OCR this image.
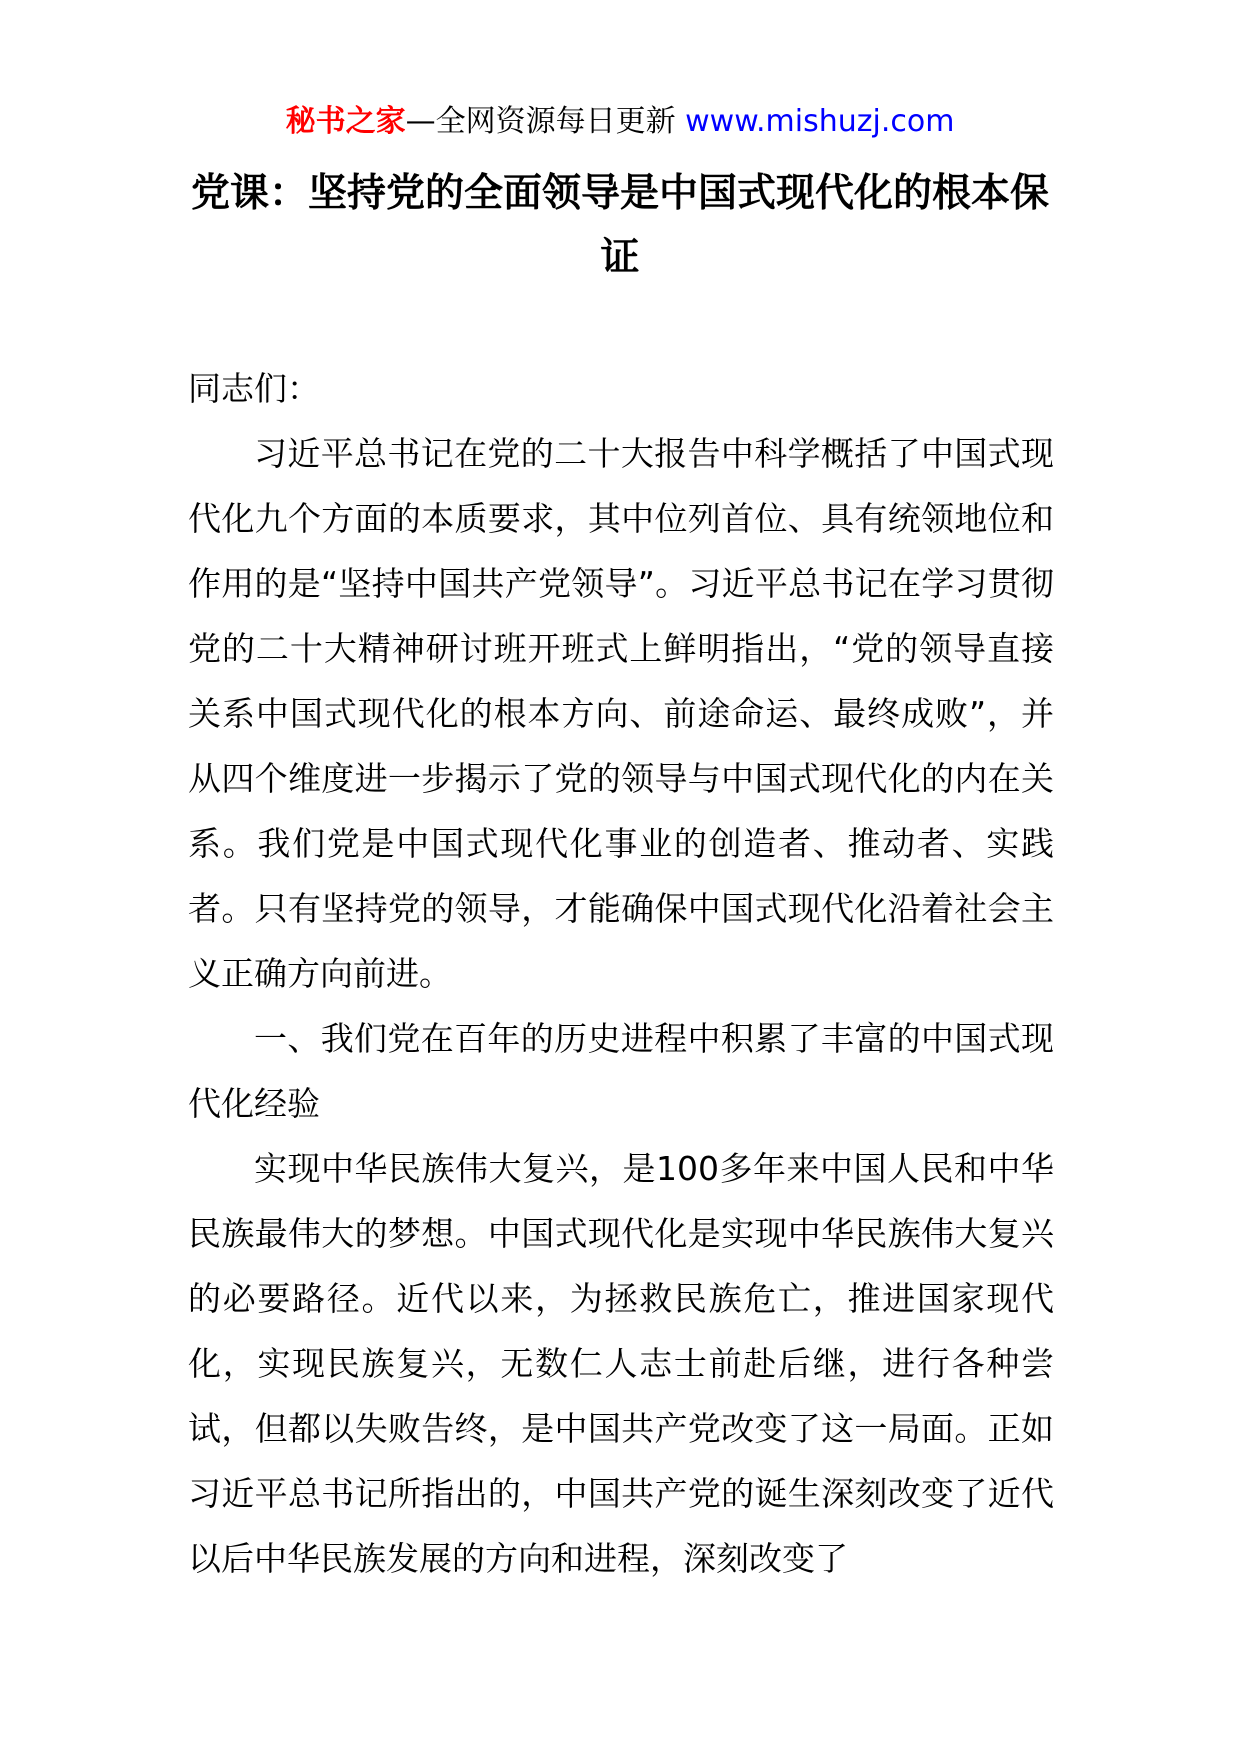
秘书之家—全网资源每日更新 www.mishuzj.com
党课：坚持党的全面领导是中国式现代化的根本保证

同志们：

习近平总书记在党的二十大报告中科学概括了中国式现代化九个方面的本质要求，其中位列首位、具有统领地位和作用的是“坚持中国共产党领导”。习近平总书记在学习贯彻党的二十大精神研讨班开班式上鲜明指出，“党的领导直接关系中国式现代化的根本方向、前途命运、最终成败”，并从四个维度进一步揭示了党的领导与中国式现代化的内在关系。我们党是中国式现代化事业的创造者、推动者、实践者。只有坚持党的领导，才能确保中国式现代化沿着社会主义正确方向前进。

一、我们党在百年的历史进程中积累了丰富的中国式现代化经验

实现中华民族伟大复兴，是100多年来中国人民和中华民族最伟大的梦想。中国式现代化是实现中华民族伟大复兴的必要路径。近代以来，为拯救民族危亡，推进国家现代化，实现民族复兴，无数仁人志士前赴后继，进行各种尝试，但都以失败告终，是中国共产党改变了这一局面。正如习近平总书记所指出的，中国共产党的诞生深刻改变了近代以后中华民族发展的方向和进程，深刻改变了
